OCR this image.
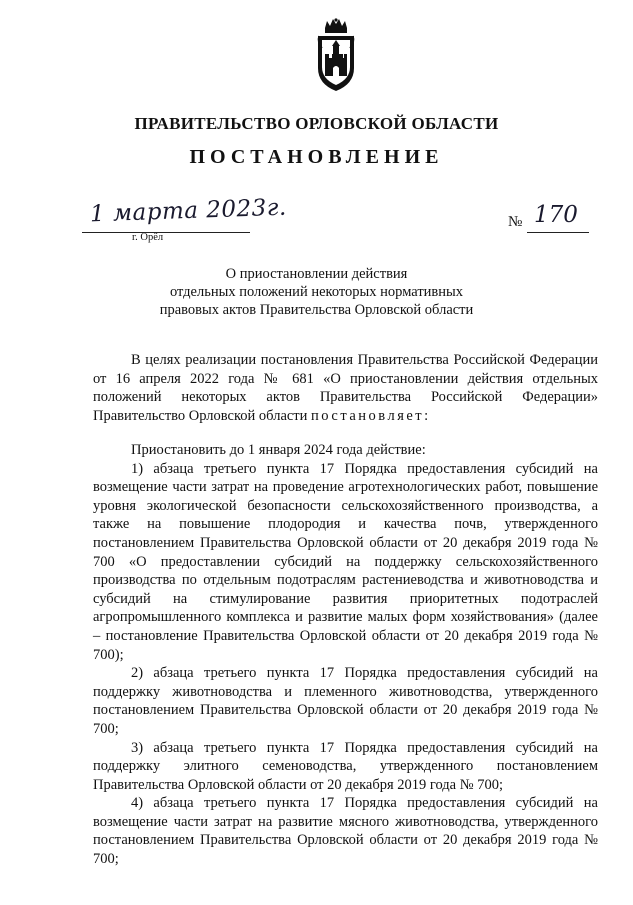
ПРАВИТЕЛЬСТВО ОРЛОВСКОЙ ОБЛАСТИ
ПОСТАНОВЛЕНИЕ
1 марта 2023г.
г. Орёл
№ 170
О приостановлении действия
отдельных положений некоторых нормативных
правовых актов Правительства Орловской области

В целях реализации постановления Правительства Российской Федерации от 16 апреля 2022 года № 681 «О приостановлении действия отдельных положений некоторых актов Правительства Российской Федерации» Правительство Орловской области постановляет:

Приостановить до 1 января 2024 года действие:

1) абзаца третьего пункта 17 Порядка предоставления субсидий на возмещение части затрат на проведение агротехнологических работ, повышение уровня экологической безопасности сельскохозяйственного производства, а также на повышение плодородия и качества почв, утвержденного постановлением Правительства Орловской области от 20 декабря 2019 года № 700 «О предоставлении субсидий на поддержку сельскохозяйственного производства по отдельным подотраслям растениеводства и животноводства и субсидий на стимулирование развития приоритетных подотраслей агропромышленного комплекса и развитие малых форм хозяйствования» (далее – постановление Правительства Орловской области от 20 декабря 2019 года № 700);

2) абзаца третьего пункта 17 Порядка предоставления субсидий на поддержку животноводства и племенного животноводства, утвержденного постановлением Правительства Орловской области от 20 декабря 2019 года № 700;

3) абзаца третьего пункта 17 Порядка предоставления субсидий на поддержку элитного семеноводства, утвержденного постановлением Правительства Орловской области от 20 декабря 2019 года № 700;

4) абзаца третьего пункта 17 Порядка предоставления субсидий на возмещение части затрат на развитие мясного животноводства, утвержденного постановлением Правительства Орловской области от 20 декабря 2019 года № 700;
